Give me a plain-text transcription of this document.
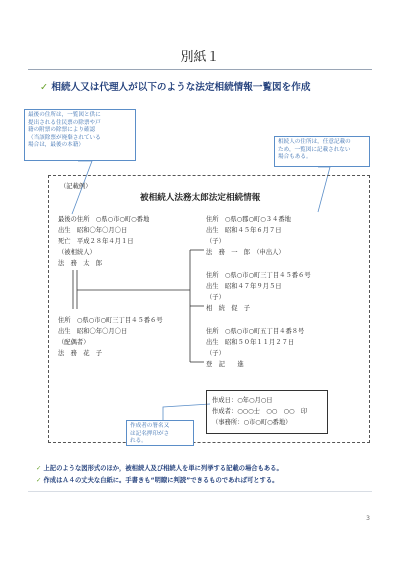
別紙１
✓ 相続人又は代理人が以下のような法定相続情報一覧図を作成
最後の住所は，一覧図と供に
提出される住民票の除票や戸
籍の附票の除票により確認
（当該除票が廃棄されている
場合は，最後の本籍）
相続人の住所は，任意記載の
ため，一覧図に記載されない
場合もある。
（記載例）
被相続人法務太郎法定相続情報
最後の住所　○県○市○町○番地
出生　昭和〇年〇月〇日
死亡　平成２８年４月１日
（被相続人）
法　務　太　郎
住所　○県○市○町三丁目４５番６号
出生　昭和〇年〇月〇日
（配偶者）
法　務　花　子
住所　○県○郡○町○３４番地
出生　昭和４５年６月７日
（子）
法　務　一　郎　（申出人）
住所　○県○市○町三丁目４５番６号
出生　昭和４７年９月５日
（子）
相　続　促　子
住所　○県○市○町五丁目４番８号
出生　昭和５０年１１月２７日
（子）
登　記　　進
作成日：○年○月○日
作成者：○○○士　○○　○○　印
（事務所：○市○町○番地）
作成者の署名又
は記名押印がさ
れる。
✓ 上記のような図形式のほか，被相続人及び相続人を単に列挙する記載の場合もある。
✓ 作成はＡ４の丈夫な白紙に。手書きも“明瞭に判読”できるものであれば可とする。
3
